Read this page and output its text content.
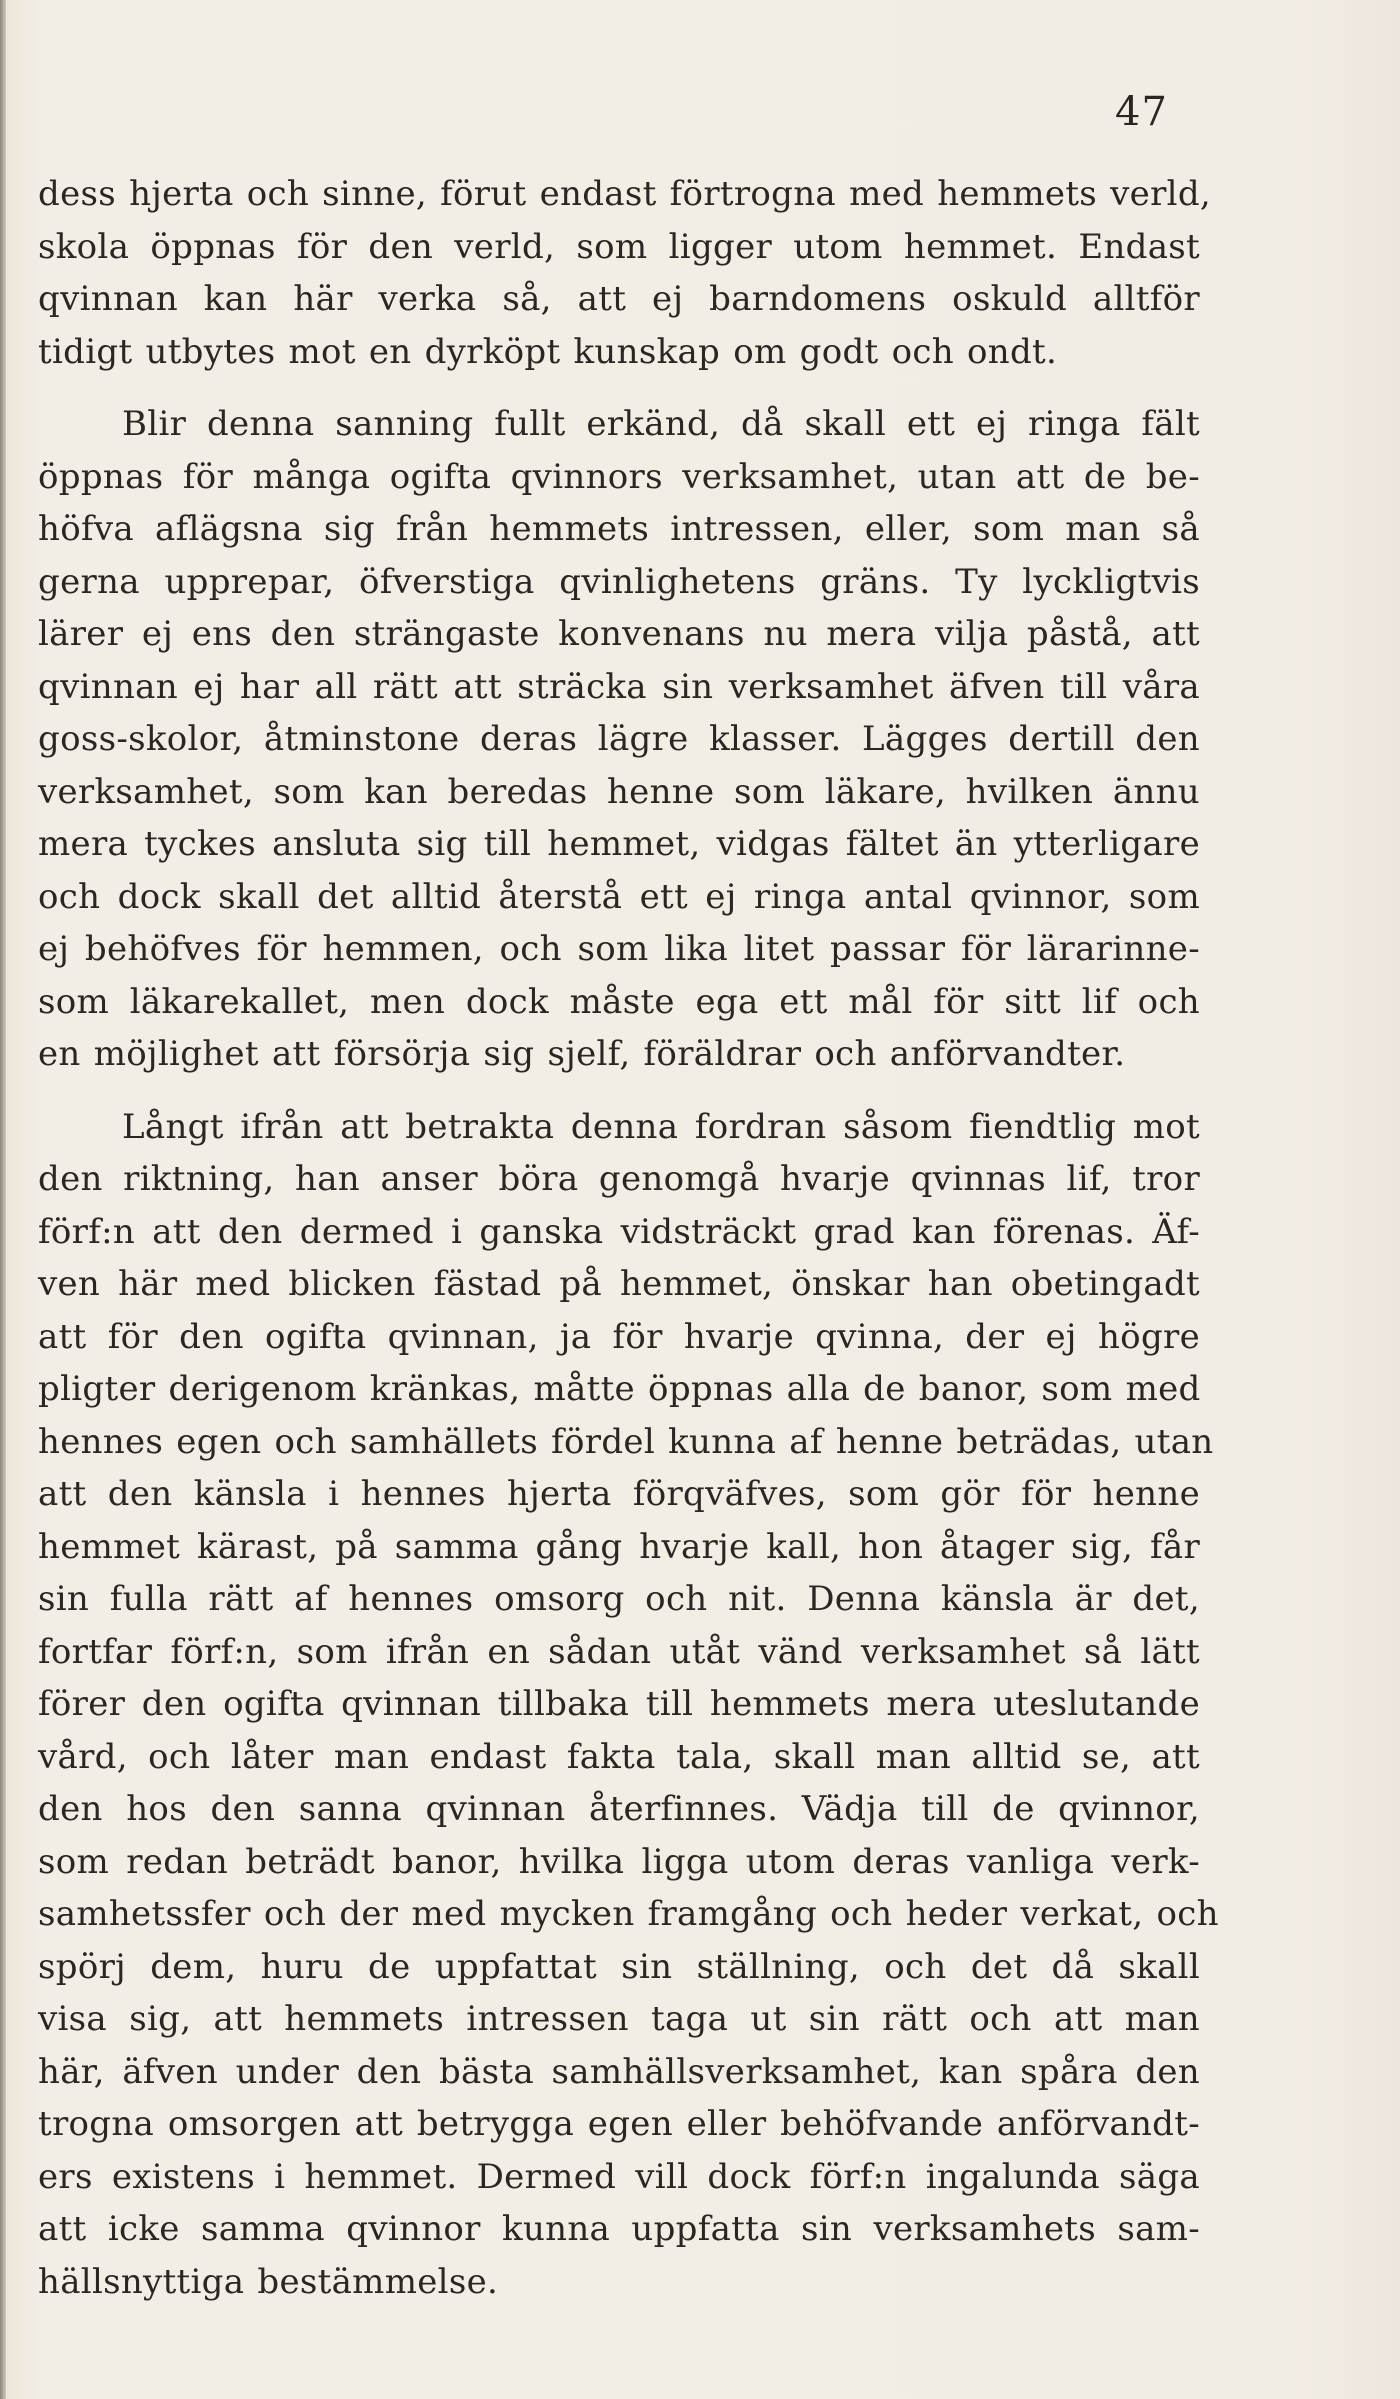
47
dess hjerta och sinne, förut endast förtrogna med hemmets verld,
skola öppnas för den verld, som ligger utom hemmet. Endast
qvinnan kan här verka så, att ej barndomens oskuld alltför
tidigt utbytes mot en dyrköpt kunskap om godt och ondt.
Blir denna sanning fullt erkänd, då skall ett ej ringa fält
öppnas för många ogifta qvinnors verksamhet, utan att de be-
höfva aflägsna sig från hemmets intressen, eller, som man så
gerna upprepar, öfverstiga qvinlighetens gräns. Ty lyckligtvis
lärer ej ens den strängaste konvenans nu mera vilja påstå, att
qvinnan ej har all rätt att sträcka sin verksamhet äfven till våra
goss-skolor, åtminstone deras lägre klasser. Lägges dertill den
verksamhet, som kan beredas henne som läkare, hvilken ännu
mera tyckes ansluta sig till hemmet, vidgas fältet än ytterligare
och dock skall det alltid återstå ett ej ringa antal qvinnor, som
ej behöfves för hemmen, och som lika litet passar för lärarinne-
som läkarekallet, men dock måste ega ett mål för sitt lif och
en möjlighet att försörja sig sjelf, föräldrar och anförvandter.
Långt ifrån att betrakta denna fordran såsom fiendtlig mot
den riktning, han anser böra genomgå hvarje qvinnas lif, tror
förf:n att den dermed i ganska vidsträckt grad kan förenas. Äf-
ven här med blicken fästad på hemmet, önskar han obetingadt
att för den ogifta qvinnan, ja för hvarje qvinna, der ej högre
pligter derigenom kränkas, måtte öppnas alla de banor, som med
hennes egen och samhällets fördel kunna af henne beträdas, utan
att den känsla i hennes hjerta förqväfves, som gör för henne
hemmet kärast, på samma gång hvarje kall, hon åtager sig, får
sin fulla rätt af hennes omsorg och nit. Denna känsla är det,
fortfar förf:n, som ifrån en sådan utåt vänd verksamhet så lätt
förer den ogifta qvinnan tillbaka till hemmets mera uteslutande
vård, och låter man endast fakta tala, skall man alltid se, att
den hos den sanna qvinnan återfinnes. Vädja till de qvinnor,
som redan beträdt banor, hvilka ligga utom deras vanliga verk-
samhetssfer och der med mycken framgång och heder verkat, och
spörj dem, huru de uppfattat sin ställning, och det då skall
visa sig, att hemmets intressen taga ut sin rätt och att man
här, äfven under den bästa samhällsverksamhet, kan spåra den
trogna omsorgen att betrygga egen eller behöfvande anförvandt-
ers existens i hemmet. Dermed vill dock förf:n ingalunda säga
att icke samma qvinnor kunna uppfatta sin verksamhets sam-
hällsnyttiga bestämmelse.
